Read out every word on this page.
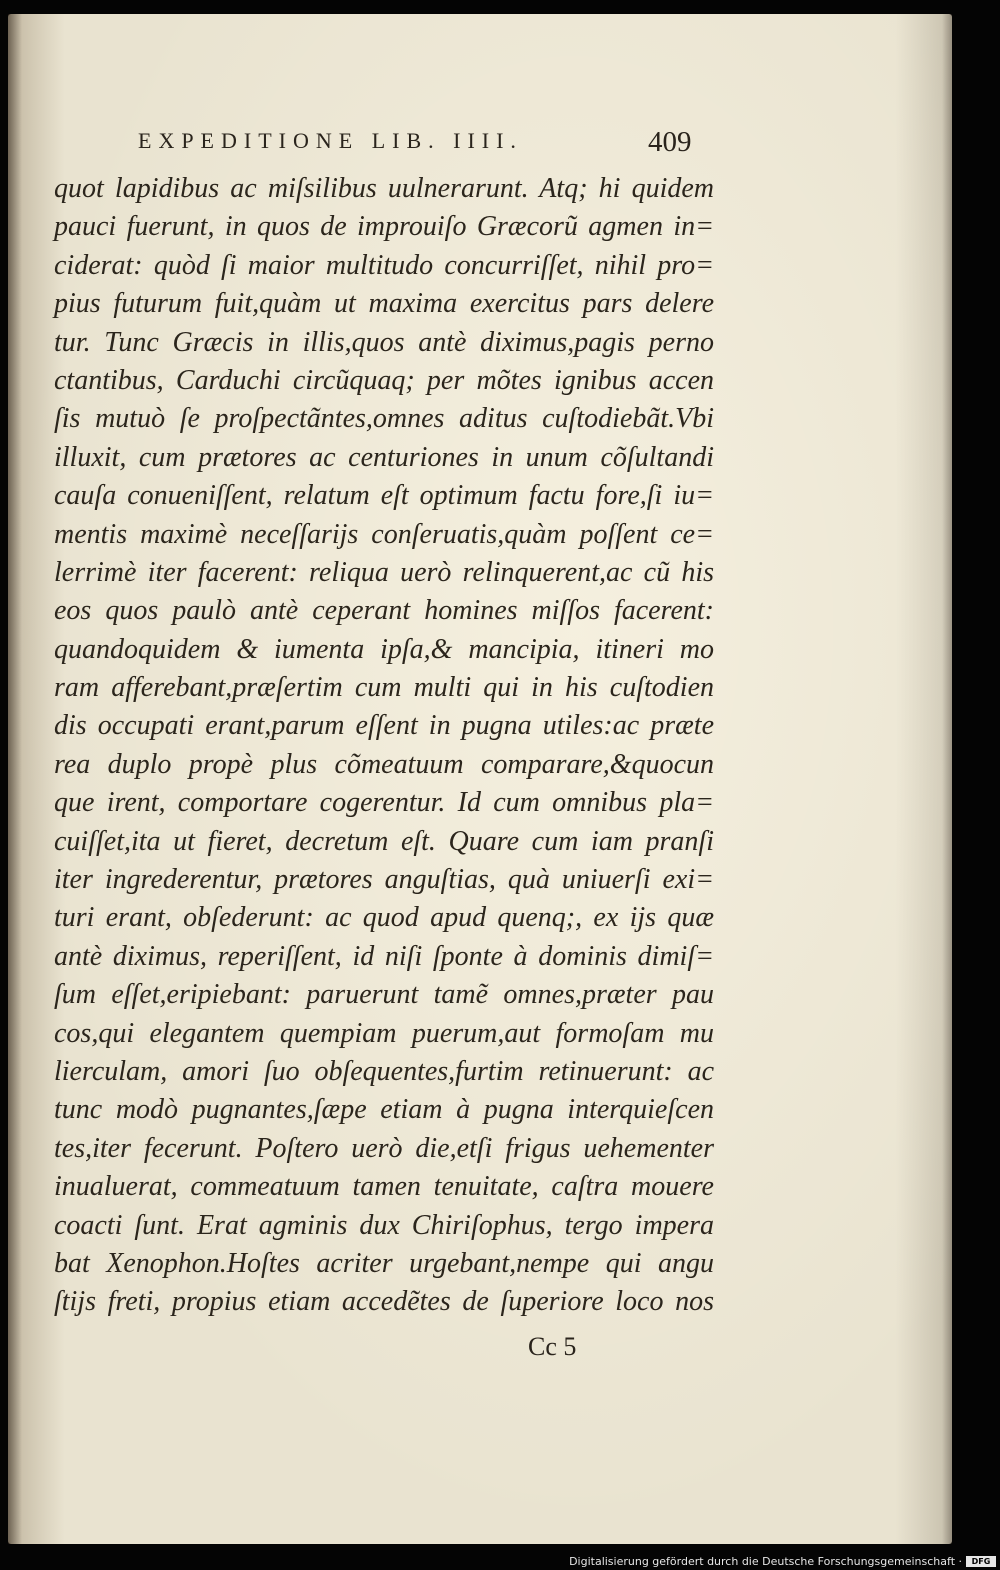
EXPEDITIONE LIB. IIII.	409
quot lapidibus ac miſsilibus uulnerarunt. Atq; hi quidem
pauci fuerunt, in quos de improuiſo Græcorũ agmen in=
ciderat: quòd ſi maior multitudo concurriſſet, nihil pro=
pius futurum fuit,quàm ut maxima exercitus pars delere
tur. Tunc Græcis in illis,quos antè diximus,pagis perno
ctantibus, Carduchi circũquaq; per mõtes ignibus accen
ſis mutuò ſe proſpectãntes,omnes aditus cuſtodiebãt.Vbi
illuxit, cum prætores ac centuriones in unum cõſultandi
cauſa conueniſſent, relatum eſt optimum factu fore,ſi iu=
mentis maximè neceſſarijs conſeruatis,quàm poſſent ce=
lerrimè iter facerent: reliqua uerò relinquerent,ac cũ his
eos quos paulò antè ceperant homines miſſos facerent:
quandoquidem & iumenta ipſa,& mancipia, itineri mo
ram afferebant,præſertim cum multi qui in his cuſtodien
dis occupati erant,parum eſſent in pugna utiles:ac præte
rea duplo propè plus cõmeatuum comparare,&quocun
que irent, comportare cogerentur. Id cum omnibus pla=
cuiſſet,ita ut fieret, decretum eſt. Quare cum iam pranſi
iter ingrederentur, prætores anguſtias, quà uniuerſi exi=
turi erant, obſederunt: ac quod apud quenq;, ex ijs quæ
antè diximus, reperiſſent, id niſi ſponte à dominis dimiſ=
ſum eſſet,eripiebant: paruerunt tamẽ omnes,præter pau
cos,qui elegantem quempiam puerum,aut formoſam mu
lierculam, amori ſuo obſequentes,furtim retinuerunt: ac
tunc modò pugnantes,ſæpe etiam à pugna interquieſcen
tes,iter fecerunt. Poſtero uerò die,etſi frigus uehementer
inualuerat, commeatuum tamen tenuitate, caſtra mouere
coacti ſunt. Erat agminis dux Chiriſophus, tergo impera
bat Xenophon.Hoſtes acriter urgebant,nempe qui angu
ſtijs freti, propius etiam accedẽtes de ſuperiore loco nos
Cc 5
Digitalisierung gefördert durch die Deutsche Forschungsgemeinschaft ·	DFG
